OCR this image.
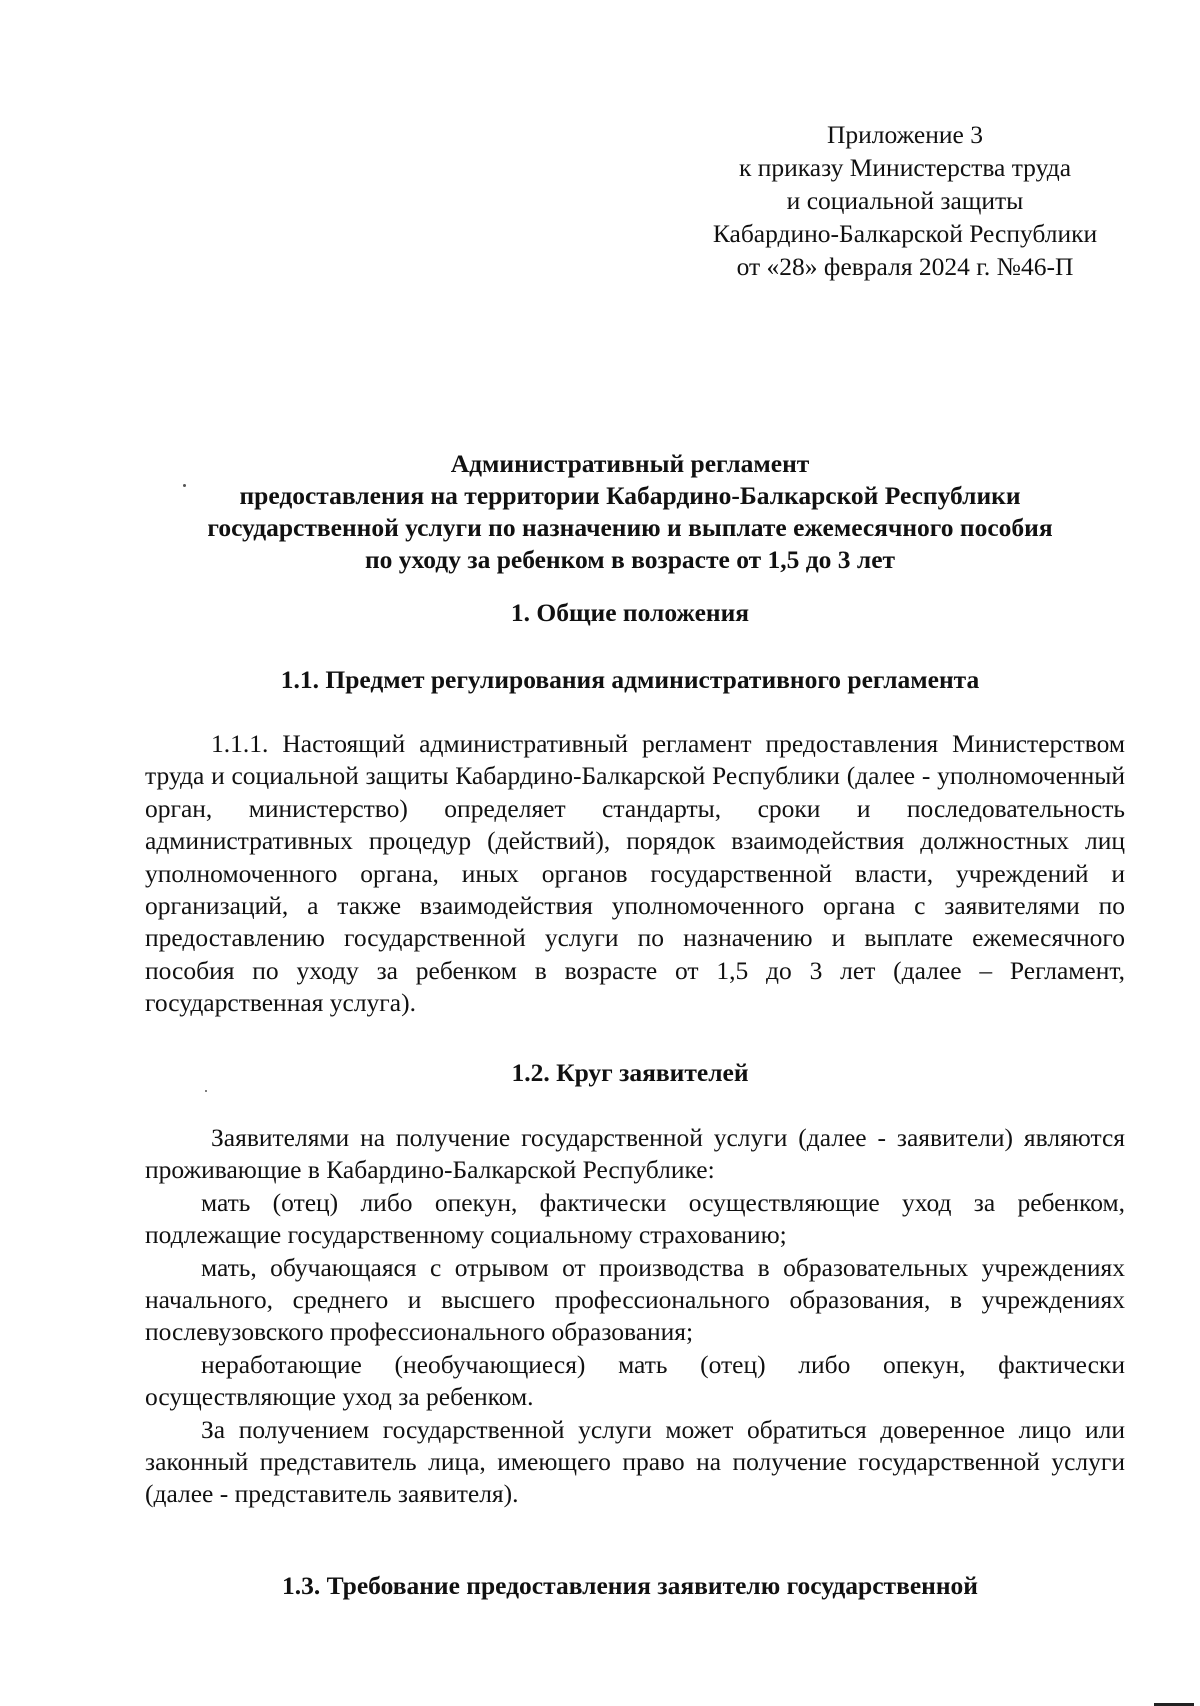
Приложение 3
к приказу Министерства труда
и социальной защиты
Кабардино-Балкарской Республики
от «28» февраля 2024 г. №46-П
Административный регламент
предоставления на территории Кабардино-Балкарской Республики
государственной услуги по назначению и выплате ежемесячного пособия
по уходу за ребенком в возрасте от 1,5 до 3 лет
1. Общие положения
1.1. Предмет регулирования административного регламента

1.1.1. Настоящий административный регламент предоставления Министерством труда и социальной защиты Кабардино-Балкарской Республики (далее - уполномоченный орган, министерство) определяет стандарты, сроки и последовательность административных процедур (действий), порядок взаимодействия должностных лиц уполномоченного органа, иных органов государственной власти, учреждений и организаций, а также взаимодействия уполномоченного органа с заявителями по предоставлению государственной услуги по назначению и выплате ежемесячного пособия по уходу за ребенком в возрасте от 1,5 до 3 лет (далее – Регламент, государственная услуга).

1.2. Круг заявителей

Заявителями на получение государственной услуги (далее - заявители) являются проживающие в Кабардино-Балкарской Республике:

мать (отец) либо опекун, фактически осуществляющие уход за ребенком, подлежащие государственному социальному страхованию;

мать, обучающаяся с отрывом от производства в образовательных учреждениях начального, среднего и высшего профессионального образования, в учреждениях послевузовского профессионального образования;

неработающие (необучающиеся) мать (отец) либо опекун, фактически осуществляющие уход за ребенком.

За получением государственной услуги может обратиться доверенное лицо или законный представитель лица, имеющего право на получение государственной услуги (далее - представитель заявителя).

1.3. Требование предоставления заявителю государственной
